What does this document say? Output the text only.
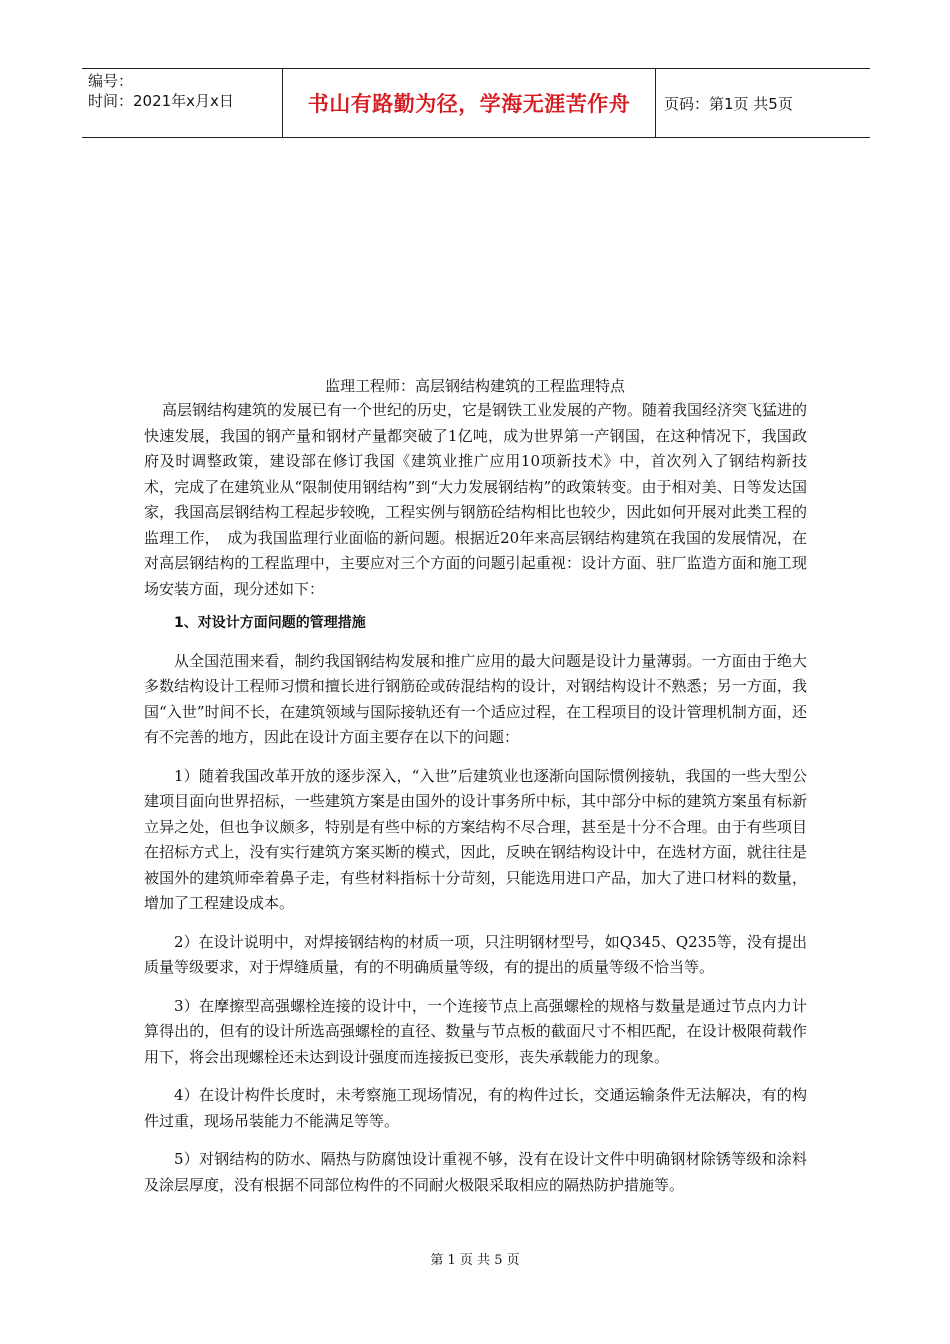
编号：
时间：2021年x月x日	书山有路勤为径，学海无涯苦作舟 页码：第1页 共5页
监理工程师：高层钢结构建筑的工程监理特点

高层钢结构建筑的发展已有一个世纪的历史，它是钢铁工业发展的产物。随着我国经济突飞猛进的快速发展，我国的钢产量和钢材产量都突破了1亿吨，成为世界第一产钢国，在这种情况下，我国政府及时调整政策，建设部在修订我国《建筑业推广应用10项新技术》中，首次列入了钢结构新技术，完成了在建筑业从“限制使用钢结构”到“大力发展钢结构”的政策转变。由于相对美、日等发达国家，我国高层钢结构工程起步较晚，工程实例与钢筋砼结构相比也较少，因此如何开展对此类工程的监理工作，　成为我国监理行业面临的新问题。根据近20年来高层钢结构建筑在我国的发展情况，在对高层钢结构的工程监理中，主要应对三个方面的问题引起重视：设计方面、驻厂监造方面和施工现场安装方面，现分述如下：

1、对设计方面问题的管理措施

从全国范围来看，制约我国钢结构发展和推广应用的最大问题是设计力量薄弱。一方面由于绝大多数结构设计工程师习惯和擅长进行钢筋砼或砖混结构的设计，对钢结构设计不熟悉；另一方面，我国“入世”时间不长，在建筑领域与国际接轨还有一个适应过程，在工程项目的设计管理机制方面，还有不完善的地方，因此在设计方面主要存在以下的问题：

1）随着我国改革开放的逐步深入，“入世”后建筑业也逐渐向国际惯例接轨，我国的一些大型公建项目面向世界招标，一些建筑方案是由国外的设计事务所中标，其中部分中标的建筑方案虽有标新立异之处，但也争议颇多，特别是有些中标的方案结构不尽合理，甚至是十分不合理。由于有些项目在招标方式上，没有实行建筑方案买断的模式，因此，反映在钢结构设计中，在选材方面，就往往是被国外的建筑师牵着鼻子走，有些材料指标十分苛刻，只能选用进口产品，加大了进口材料的数量，增加了工程建设成本。

2）在设计说明中，对焊接钢结构的材质一项，只注明钢材型号，如Q345、Q235等，没有提出质量等级要求，对于焊缝质量，有的不明确质量等级，有的提出的质量等级不恰当等。

3）在摩擦型高强螺栓连接的设计中，一个连接节点上高强螺栓的规格与数量是通过节点内力计算得出的，但有的设计所选高强螺栓的直径、数量与节点板的截面尺寸不相匹配，在设计极限荷载作用下，将会出现螺栓还未达到设计强度而连接扳已变形，丧失承载能力的现象。

4）在设计构件长度时，未考察施工现场情况，有的构件过长，交通运输条件无法解决，有的构件过重，现场吊装能力不能满足等等。

5）对钢结构的防水、隔热与防腐蚀设计重视不够，没有在设计文件中明确钢材除锈等级和涂料及涂层厚度，没有根据不同部位构件的不同耐火极限采取相应的隔热防护措施等。

第 1 页 共 5 页
